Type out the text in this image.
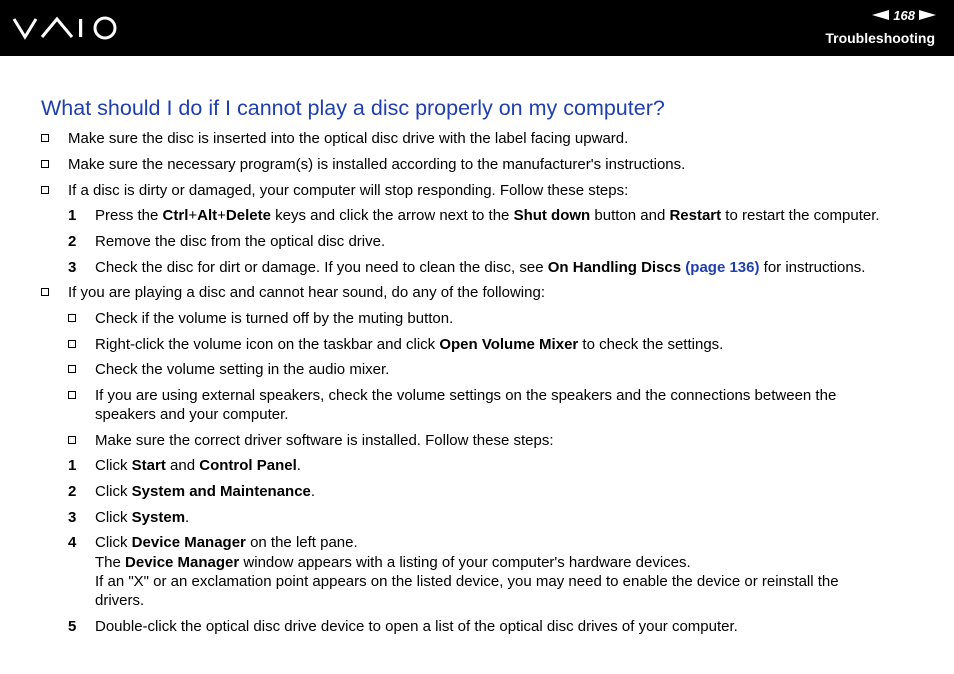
168
Troubleshooting
What should I do if I cannot play a disc properly on my computer?
Make sure the disc is inserted into the optical disc drive with the label facing upward.
Make sure the necessary program(s) is installed according to the manufacturer's instructions.
If a disc is dirty or damaged, your computer will stop responding. Follow these steps:
1 Press the Ctrl+Alt+Delete keys and click the arrow next to the Shut down button and Restart to restart the computer.
2 Remove the disc from the optical disc drive.
3 Check the disc for dirt or damage. If you need to clean the disc, see On Handling Discs (page 136) for instructions.
If you are playing a disc and cannot hear sound, do any of the following:
Check if the volume is turned off by the muting button.
Right-click the volume icon on the taskbar and click Open Volume Mixer to check the settings.
Check the volume setting in the audio mixer.
If you are using external speakers, check the volume settings on the speakers and the connections between the
speakers and your computer.
Make sure the correct driver software is installed. Follow these steps:
1 Click Start and Control Panel.
2 Click System and Maintenance.
3 Click System.
4 Click Device Manager on the left pane.
The Device Manager window appears with a listing of your computer's hardware devices.
If an "X" or an exclamation point appears on the listed device, you may need to enable the device or reinstall the
drivers.
5 Double-click the optical disc drive device to open a list of the optical disc drives of your computer.
